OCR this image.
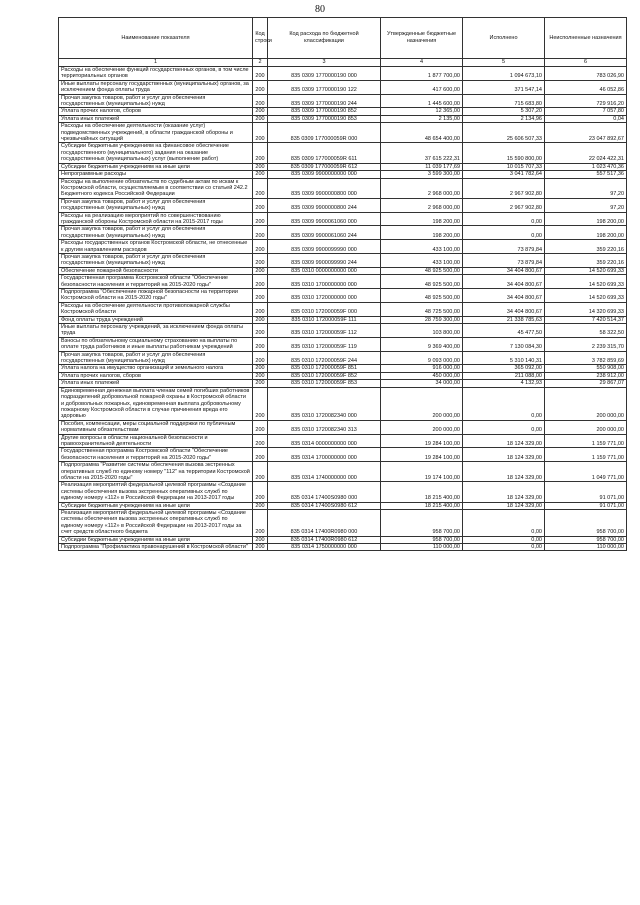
80
Наименование показателя	Код строки	Код расхода по бюджетной классификации	Утвержденные бюджетные назначения	Исполнено	Неисполненные назначения
1	2	3	4	5	6
Расходы на обеспечение функций государственных органов, в том числе территориальных органов	200	835 0309 1770000190 000	1 877 700,00	1 094 673,10	783 026,90
Иные выплаты персоналу государственных (муниципальных) органов, за исключением фонда оплаты труда	200	835 0309 1770000190 122	417 600,00	371 547,14	46 052,86
Прочая закупка товаров, работ и услуг для обеспечения государственных (муниципальных) нужд	200	835 0309 1770000190 244	1 445 600,00	715 683,80	729 916,20
Уплата прочих налогов, сборов	200	835 0309 1770000190 852	12 365,00	5 307,20	7 057,80
Уплата иных платежей	200	835 0309 1770000190 853	2 135,00	2 134,96	0,04
Расходы на обеспечение деятельности (оказание услуг) подведомственных учреждений, в области гражданской обороны и чрезвычайных ситуаций	200	835 0309 177000059R 000	48 654 400,00	25 606 507,33	23 047 892,67
Субсидии бюджетным учреждениям на финансовое обеспечение государственного (муниципального) задания на оказание государственных (муниципальных) услуг (выполнение работ)	200	835 0309 177000059R 611	37 615 222,31	15 590 800,00	22 024 422,31
Субсидии бюджетным учреждениям на иные цели	200	835 0309 177000059R 612	11 039 177,69	10 015 707,33	1 023 470,36
Непрограммные расходы	200	835 0309 9900000000 000	3 599 300,00	3 041 782,64	557 517,36
Расходы на выполнение обязательств по судебным актам по искам к Костромской области, осуществляемым в соответствии со статьей 242.2 Бюджетного кодекса Российской Федерации	200	835 0309 9900000800 000	2 968 000,00	2 967 902,80	97,20
Прочая закупка товаров, работ и услуг для обеспечения государственных (муниципальных) нужд	200	835 0309 9900000800 244	2 968 000,00	2 967 902,80	97,20
Расходы на реализацию мероприятий по совершенствованию гражданской обороны Костромской области на 2015-2017 годы	200	835 0309 9900061060 000	198 200,00	0,00	198 200,00
Прочая закупка товаров, работ и услуг для обеспечения государственных (муниципальных) нужд	200	835 0309 9900061060 244	198 200,00	0,00	198 200,00
Расходы государственных органов Костромской области, не отнесенные к другим направлениям расходов	200	835 0309 9900099990 000	433 100,00	73 879,84	359 220,16
Прочая закупка товаров, работ и услуг для обеспечения государственных (муниципальных) нужд	200	835 0309 9900099990 244	433 100,00	73 879,84	359 220,16
Обеспечение пожарной безопасности	200	835 0310 0000000000 000	48 925 500,00	34 404 800,67	14 520 699,33
Государственная программа Костромской области "Обеспечение безопасности населения и территорий на 2015-2020 годы"	200	835 0310 1700000000 000	48 925 500,00	34 404 800,67	14 520 699,33
Подпрограмма "Обеспечение пожарной безопасности на территории Костромской области на 2015-2020 годы"	200	835 0310 1720000000 000	48 925 500,00	34 404 800,67	14 520 699,33
Расходы на обеспечение деятельности противопожарной службы Костромской области	200	835 0310 172000059F 000	48 725 500,00	34 404 800,67	14 320 699,33
Фонд оплаты труда учреждений	200	835 0310 172000059F 111	28 759 300,00	21 338 785,63	7 420 514,37
Иные выплаты персоналу учреждений, за исключением фонда оплаты труда	200	835 0310 172000059F 112	103 800,00	45 477,50	58 322,50
Взносы по обязательному социальному страхованию на выплаты по оплате труда работников и иные выплаты работникам учреждений	200	835 0310 172000059F 119	9 369 400,00	7 130 084,30	2 239 315,70
Прочая закупка товаров, работ и услуг для обеспечения государственных (муниципальных) нужд	200	835 0310 172000059F 244	9 093 000,00	5 310 140,31	3 782 859,69
Уплата налога на имущество организаций и земельного налога	200	835 0310 172000059F 851	916 000,00	365 092,00	550 908,00
Уплата прочих налогов, сборов	200	835 0310 172000059F 852	450 000,00	211 088,00	238 912,00
Уплата иных платежей	200	835 0310 172000059F 853	34 000,00	4 132,93	29 867,07
Единовременная денежная выплата членам семей погибших работников подразделений добровольной пожарной охраны в Костромской области и добровольных пожарных, единовременная выплата добровольному пожарному Костромской области в случае причинения вреда его здоровью	200	835 0310 1720082340 000	200 000,00	0,00	200 000,00
Пособия, компенсации, меры социальной поддержки по публичным нормативным обязательствам	200	835 0310 1720082340 313	200 000,00	0,00	200 000,00
Другие вопросы в области национальной безопасности и правоохранительной деятельности	200	835 0314 0000000000 000	19 284 100,00	18 124 329,00	1 159 771,00
Государственная программа Костромской области "Обеспечение безопасности населения и территорий на 2015-2020 годы"	200	835 0314 1700000000 000	19 284 100,00	18 124 329,00	1 159 771,00
Подпрограмма "Развитие системы обеспечения вызова экстренных оперативных служб по единому номеру "112" на территории Костромской области на 2015-2020 годы"	200	835 0314 1740000000 000	19 174 100,00	18 124 329,00	1 049 771,00
Реализация мероприятий федеральной целевой программы «Создание системы обеспечения вызова экстренных оперативных служб по единому номеру «112» в Российской Федерации на 2013-2017 годы	200	835 0314 17400S0980 000	18 215 400,00	18 124 329,00	91 071,00
Субсидии бюджетным учреждениям на иные цели	200	835 0314 17400S0980 612	18 215 400,00	18 124 329,00	91 071,00
Реализация мероприятий федеральной целевой программы «Создание системы обеспечения вызова экстренных оперативных служб по единому номеру «112» в Российской Федерации на 2013-2017 годы за счет средств областного бюджета	200	835 0314 17400R0980 000	958 700,00	0,00	958 700,00
Субсидии бюджетным учреждениям на иные цели	200	835 0314 17400R0980 612	958 700,00	0,00	958 700,00
Подпрограмма "Профилактика правонарушений в Костромской области"	200	835 0314 1750000000 000	110 000,00	0,00	110 000,00
